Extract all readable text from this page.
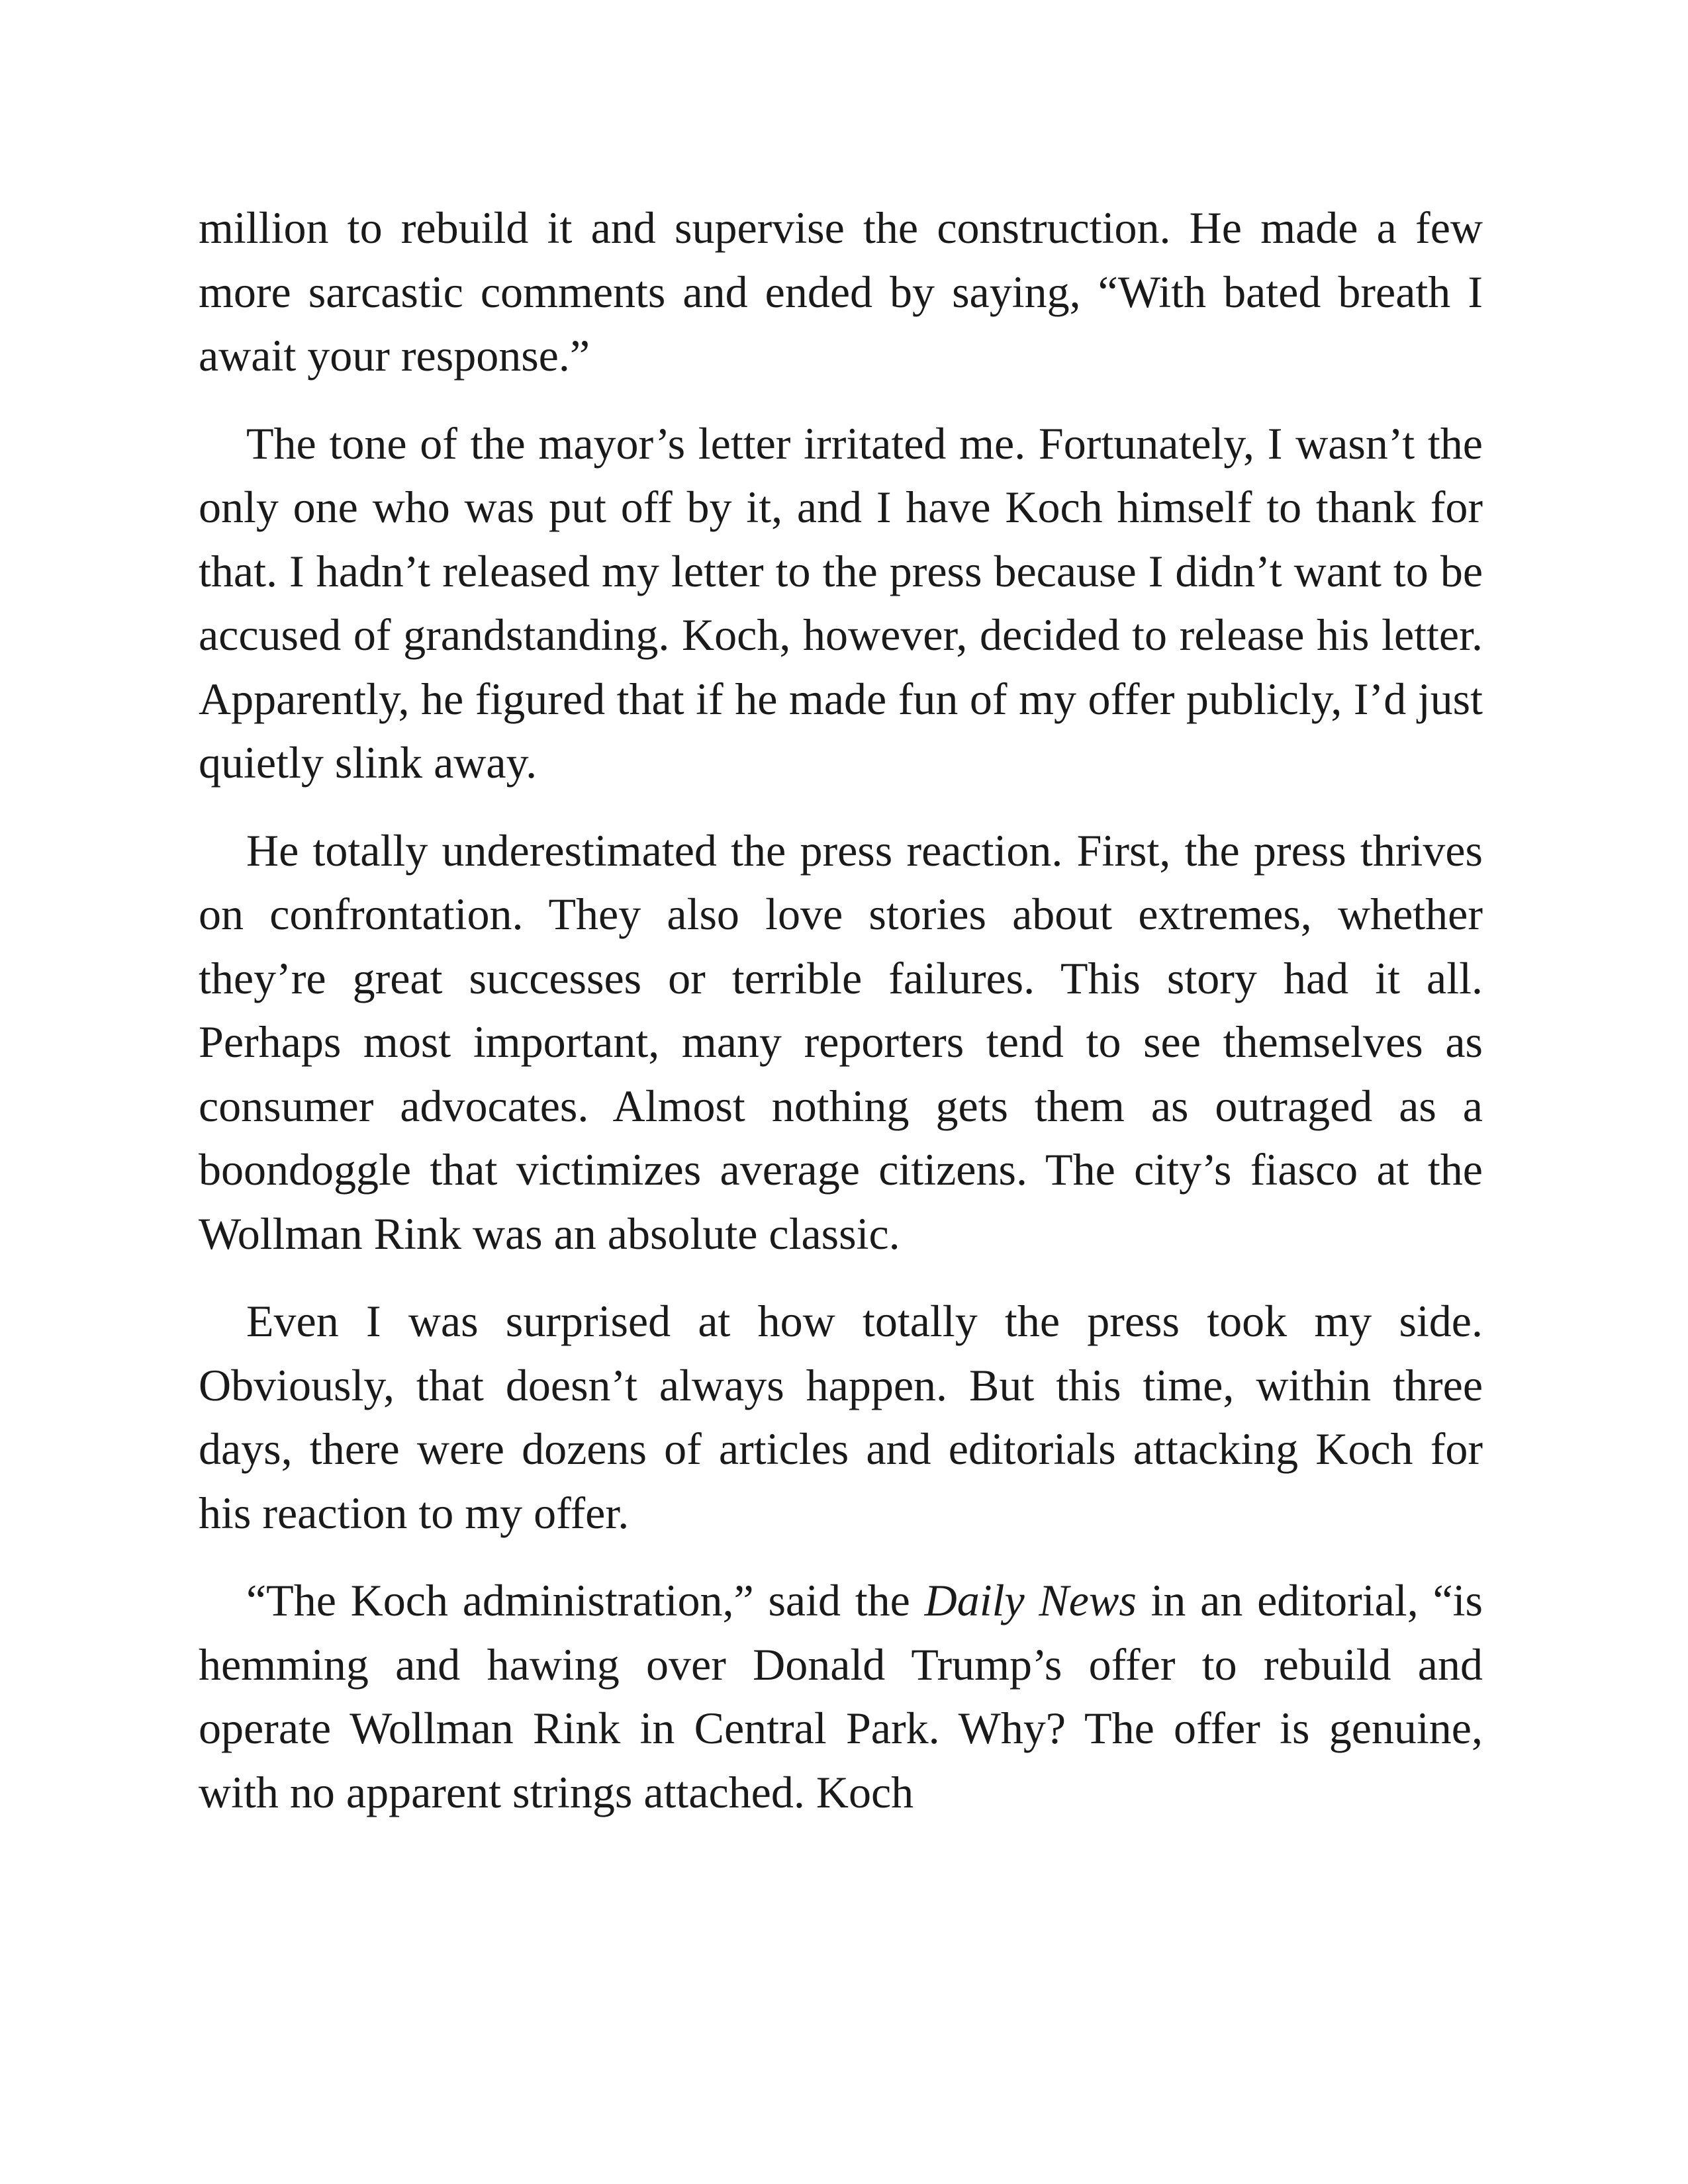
million to rebuild it and supervise the construction. He made a few more sarcastic comments and ended by saying, “With bated breath I await your response.”

The tone of the mayor’s letter irritated me. Fortunately, I wasn’t the only one who was put off by it, and I have Koch himself to thank for that. I hadn’t released my letter to the press because I didn’t want to be accused of grandstanding. Koch, however, decided to release his letter. Apparently, he figured that if he made fun of my offer publicly, I’d just quietly slink away.

He totally underestimated the press reaction. First, the press thrives on confrontation. They also love stories about extremes, whether they’re great successes or terrible failures. This story had it all. Perhaps most important, many reporters tend to see themselves as consumer advocates. Almost nothing gets them as outraged as a boondoggle that victimizes average citizens. The city’s fiasco at the Wollman Rink was an absolute classic.

Even I was surprised at how totally the press took my side. Obviously, that doesn’t always happen. But this time, within three days, there were dozens of articles and editorials attacking Koch for his reaction to my offer.

“The Koch administration,” said the Daily News in an editorial, “is hemming and hawing over Donald Trump’s offer to rebuild and operate Wollman Rink in Central Park. Why? The offer is genuine, with no apparent strings attached. Koch
